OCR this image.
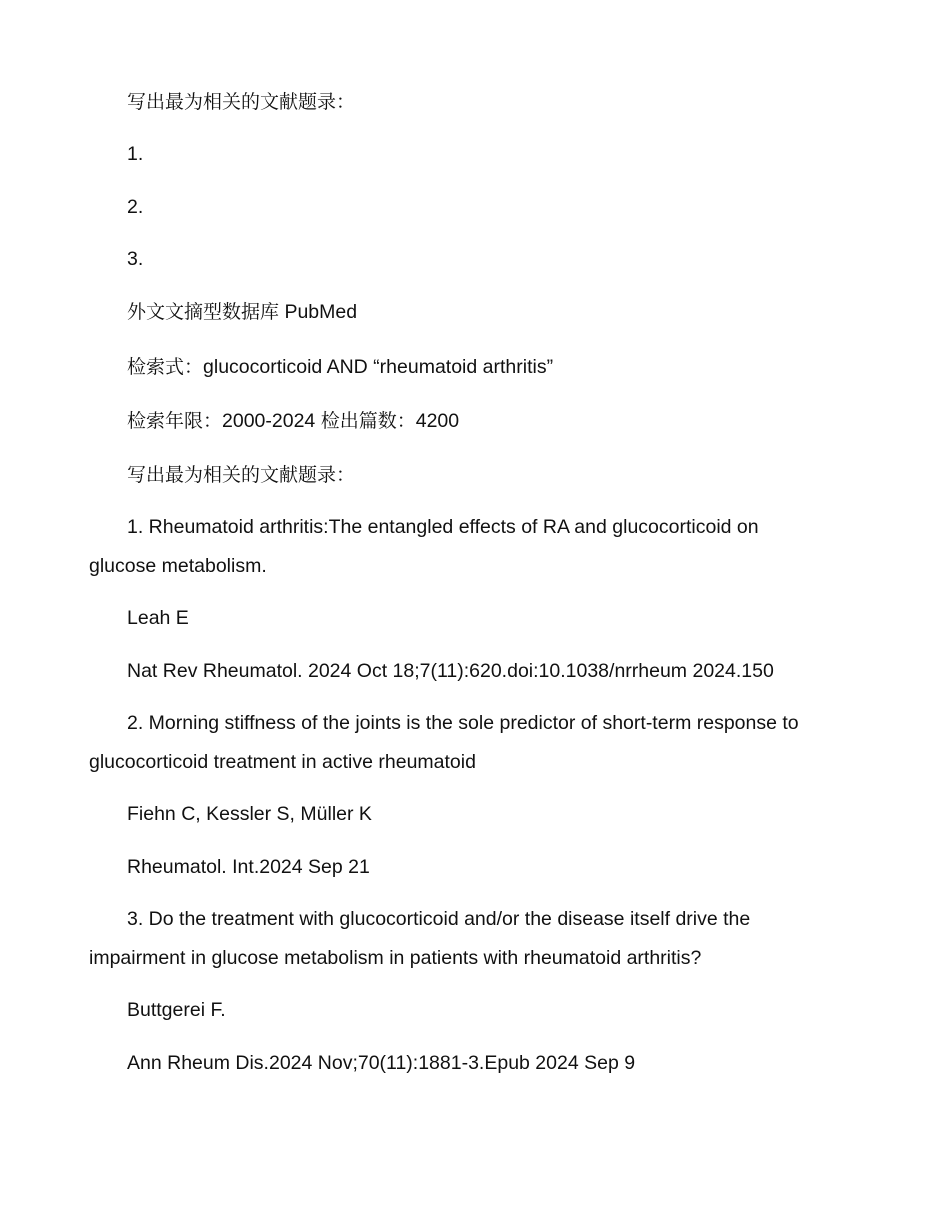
写出最为相关的文献题录：
1.
2.
3.
外文文摘型数据库 PubMed
检索式：glucocorticoid AND “rheumatoid arthritis”
检索年限：2000-2024 检出篇数：4200
写出最为相关的文献题录：
1. Rheumatoid arthritis:The entangled effects of RA and glucocorticoid on
glucose metabolism.
Leah E
Nat Rev Rheumatol. 2024 Oct 18;7(11):620.doi:10.1038/nrrheum 2024.150
2. Morning stiffness of the joints is the sole predictor of short-term response to
glucocorticoid treatment in active rheumatoid
Fiehn C, Kessler S, Müller K
Rheumatol. Int.2024 Sep 21
3. Do the treatment with glucocorticoid and/or the disease itself drive the
impairment in glucose metabolism in patients with rheumatoid arthritis?
Buttgerei F.
Ann Rheum Dis.2024 Nov;70(11):1881-3.Epub 2024 Sep 9
